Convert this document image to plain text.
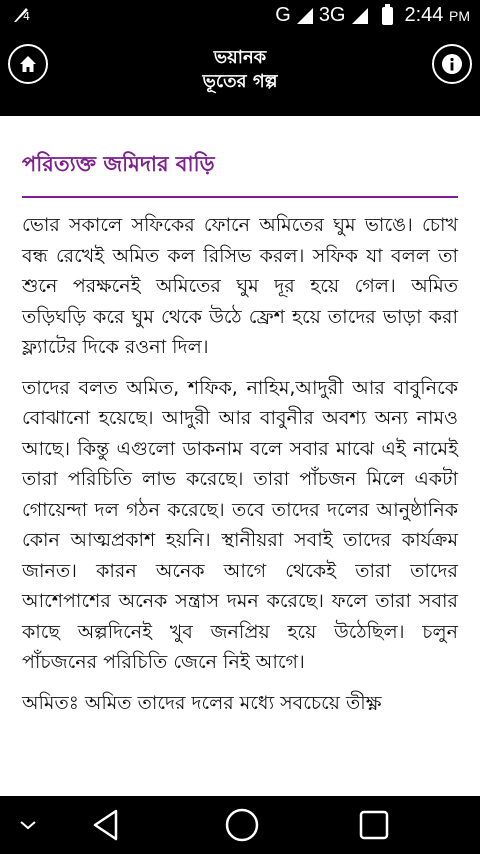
4	G 3G	2:44 PM
ভয়ানক
ভূতের গল্প
পরিত্যক্ত জমিদার বাড়ি

ভোর সকালে সফিকের ফোনে অমিতের ঘুম ভাঙে। চোখ বন্ধ রেখেই অমিত কল রিসিভ করল। সফিক যা বলল তা শুনে পরক্ষনেই অমিতের ঘুম দূর হয়ে গেল। অমিত তড়িঘড়ি করে ঘুম থেকে উঠে ফ্রেশ হয়ে তাদের ভাড়া করা ফ্ল্যাটের দিকে রওনা দিল।

তাদের বলত অমিত, শফিক, নাহিম,আদুরী আর বাবুনিকে বোঝানো হয়েছে। আদুরী আর বাবুনীর অবশ্য অন্য নামও আছে। কিন্তু এগুলো ডাকনাম বলে সবার মাঝে এই নামেই তারা পরিচিতি লাভ করেছে। তারা পাঁচজন মিলে একটা গোয়েন্দা দল গঠন করেছে। তবে তাদের দলের আনুষ্ঠানিক কোন আত্মপ্রকাশ হয়নি। স্থানীয়রা সবাই তাদের কার্যক্রম জানত। কারন অনেক আগে থেকেই তারা তাদের আশেপাশের অনেক সন্ত্রাস দমন করেছে। ফলে তারা সবার কাছে অল্পদিনেই খুব জনপ্রিয় হয়ে উঠেছিল। চলুন পাঁচজনের পরিচিতি জেনে নিই আগে।

অমিতঃ অমিত তাদের দলের মধ্যে সবচেয়ে তীক্ষ্ণ
